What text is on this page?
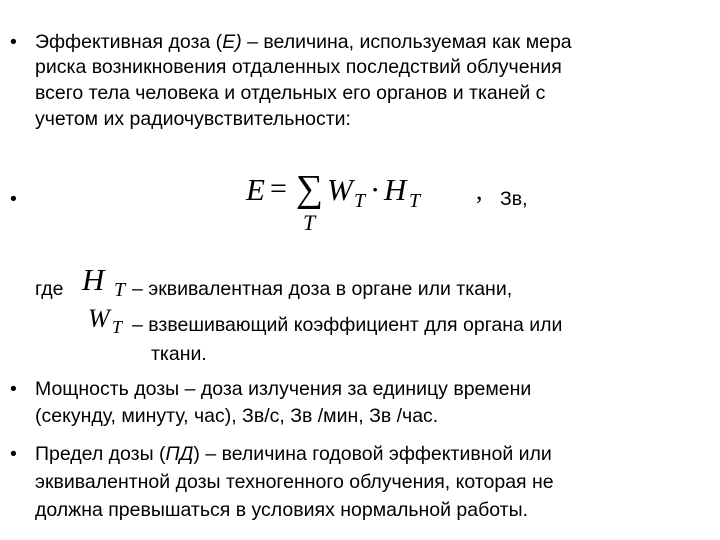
• Эффективная доза (Е) – величина, используемая как мера
риска возникновения отдаленных последствий облучения
всего тела человека и отдельных его органов и тканей с
учетом их радиочувствительности:
•	E = ∑
T
W T · H T , Зв,
где H T – эквивалентная доза в органе или ткани,
W T – взвешивающий коэффициент для органа или
ткани.
• Мощность дозы – доза излучения за единицу времени
(секунду, минуту, час), Зв/с, Зв /мин, Зв /час.
• Предел дозы (ПД) – величина годовой эффективной или
эквивалентной дозы техногенного облучения, которая не
должна превышаться в условиях нормальной работы.
